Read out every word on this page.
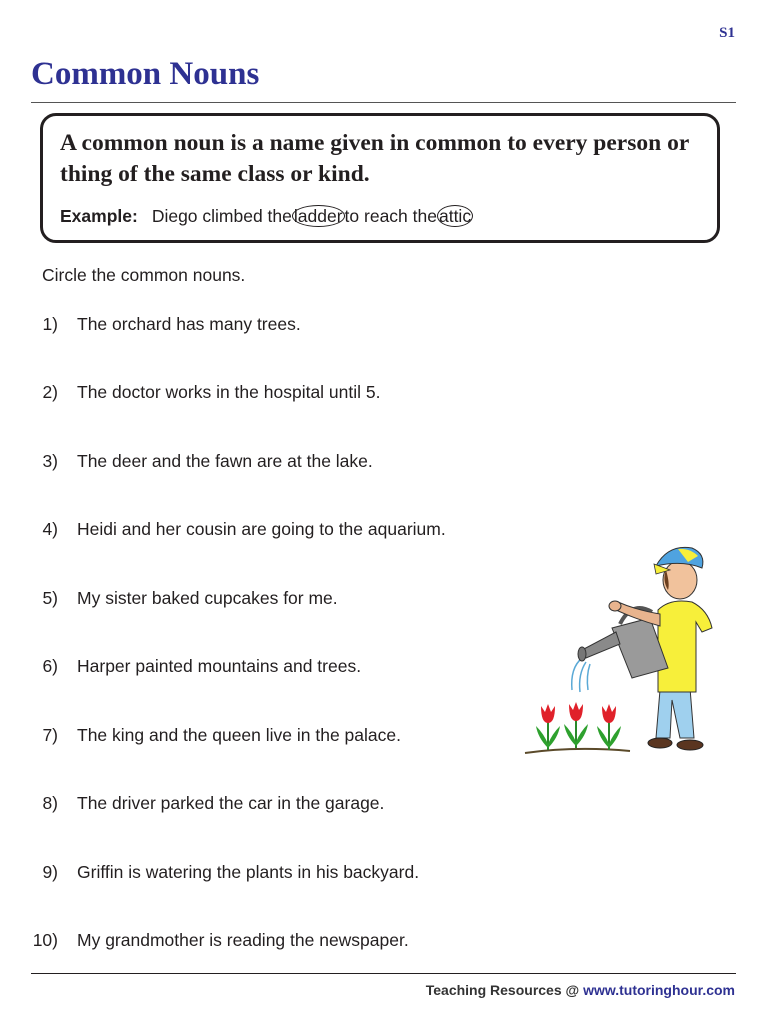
S1
Common Nouns

A common noun is a name given in common to every person or thing of the same class or kind.

Example: Diego climbed the ladder to reach the attic
Circle the common nouns.
1) The orchard has many trees.
2) The doctor works in the hospital until 5.
3) The deer and the fawn are at the lake.
4) Heidi and her cousin are going to the aquarium.
5) My sister baked cupcakes for me.
6) Harper painted mountains and trees.
7) The king and the queen live in the palace.
8) The driver parked the car in the garage.
9) Griffin is watering the plants in his backyard.
10) My grandmother is reading the newspaper.
Teaching Resources @ www.tutoringhour.com
